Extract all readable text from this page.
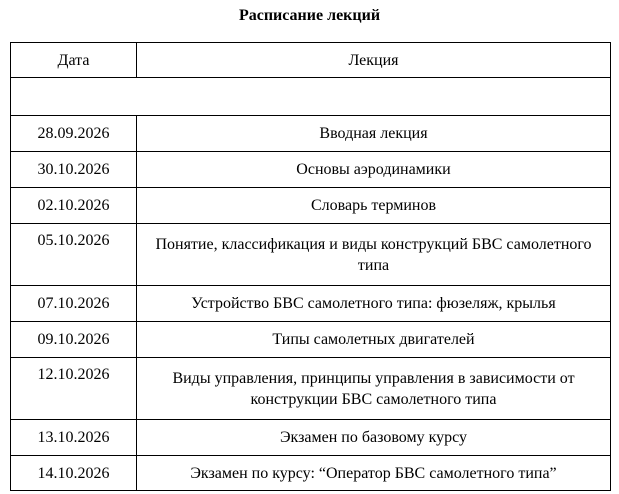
Расписание лекций
Дата	Лекция

28.09.2026	Вводная лекция
30.10.2026	Основы аэродинамики
02.10.2026	Словарь терминов
05.10.2026	Понятие, классификация и виды конструкций БВС самолетного типа
07.10.2026	Устройство БВС самолетного типа: фюзеляж, крылья
09.10.2026	Типы самолетных двигателей
12.10.2026	Виды управления, принципы управления в зависимости от конструкции БВС самолетного типа
13.10.2026	Экзамен по базовому курсу
14.10.2026	Экзамен по курсу: “Оператор БВС самолетного типа”
